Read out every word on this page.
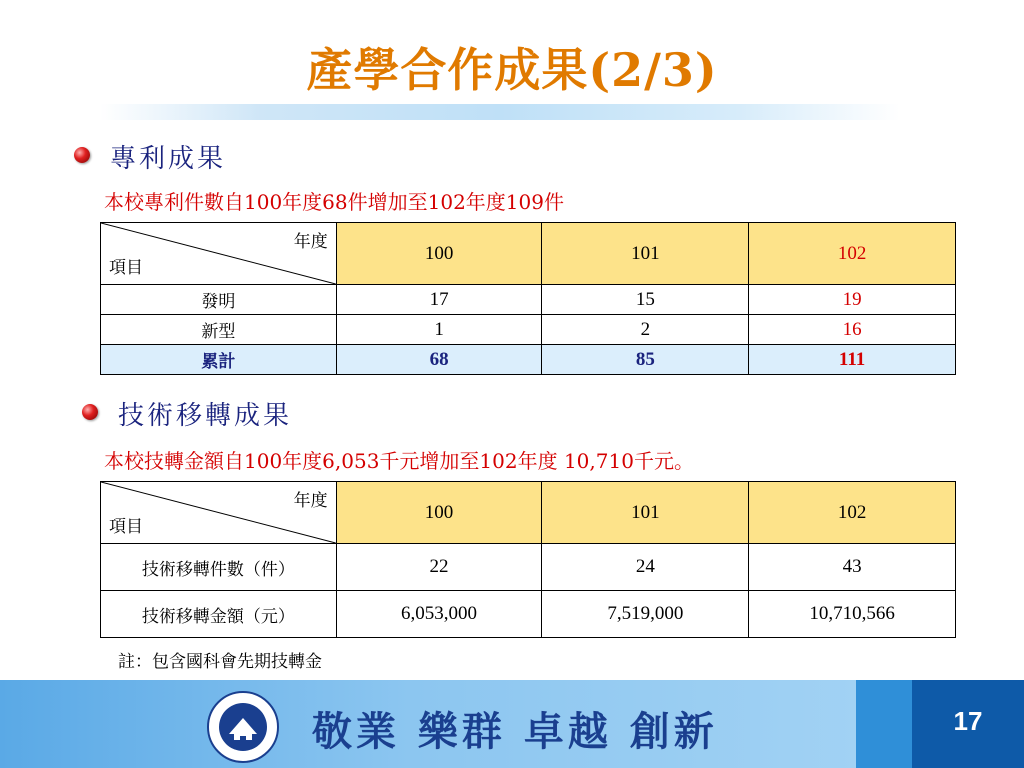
產學合作成果(2/3)
專利成果
本校專利件數自100年度68件增加至102年度109件
年度
項目	100	101	102
發明	17	15	19
新型	1	2	16
累計	68	85	111
技術移轉成果
本校技轉金額自100年度6,053千元增加至102年度 10,710千元。
年度
項目	100	101	102
技術移轉件數（件）	22	24	43
技術移轉金額（元）	6,053,000	7,519,000	10,710,566
註：包含國科會先期技轉金
17
敬業 樂群 卓越 創新
